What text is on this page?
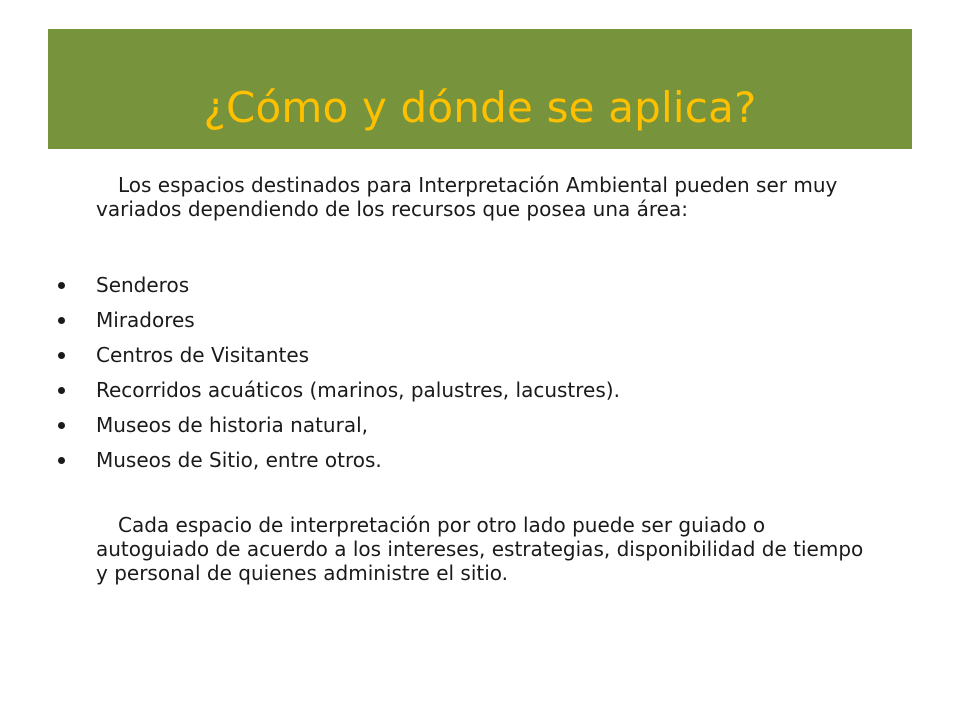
¿Cómo y dónde se aplica?

Los espacios destinados para Interpretación Ambiental pueden ser muy variados dependiendo de los recursos que posea una área:

Senderos
Miradores
Centros de Visitantes
Recorridos acuáticos (marinos, palustres, lacustres).
Museos de historia natural,
Museos de Sitio, entre otros.

Cada espacio de interpretación por otro lado puede ser guiado o autoguiado de acuerdo a los intereses, estrategias, disponibilidad de tiempo y personal de quienes administre el sitio.
